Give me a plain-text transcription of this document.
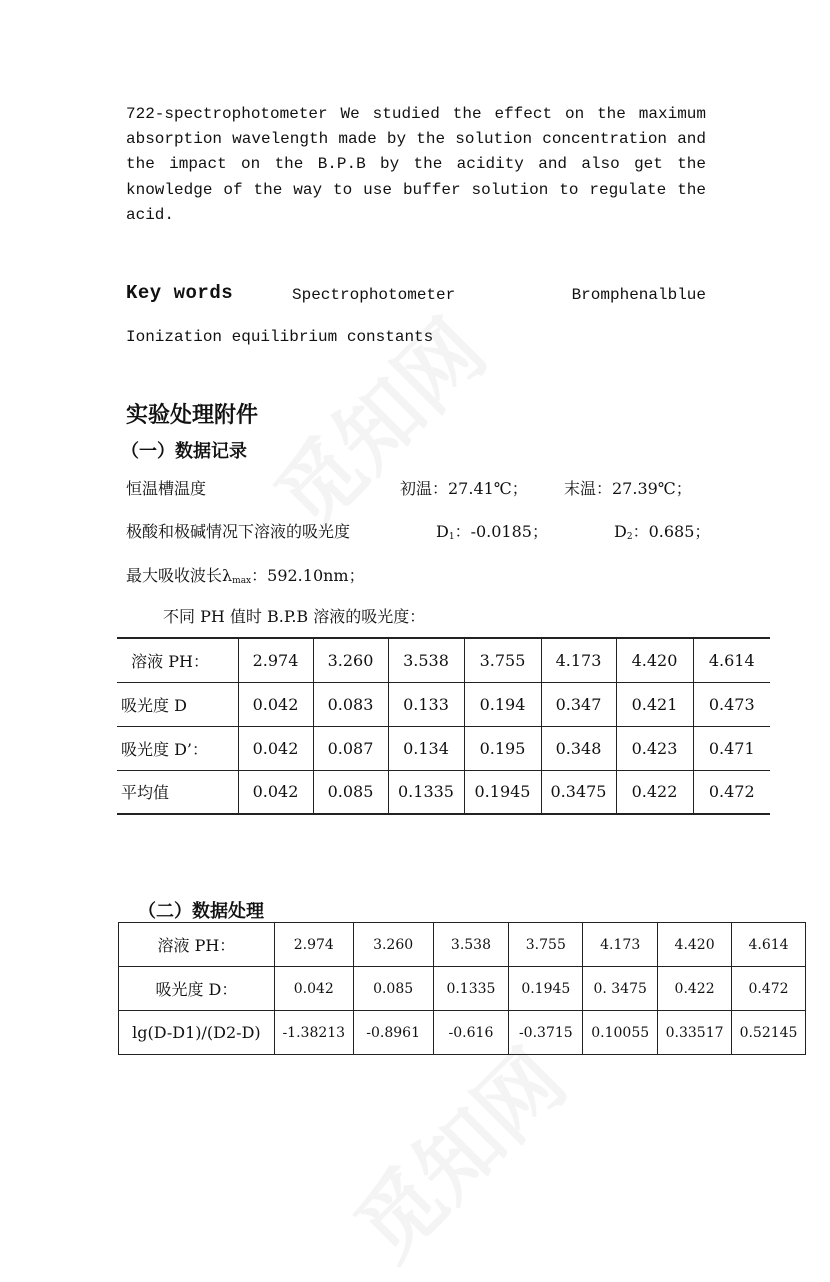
722-spectrophotometer We studied the effect on the maximum absorption wavelength made by the solution concentration and the impact on the B.P.B by the acidity and also get the knowledge of the way to use buffer solution to regulate the acid.

Key words	Spectrophotometer	Bromphenalblue
Ionization equilibrium constants
实验处理附件
（一）数据记录
恒温槽温度	初温：27.41℃； 末温：27.39℃；
极酸和极碱情况下溶液的吸光度	$D_1$：-0.0185；	$D_2$：0.685；
最大吸收波长$\lambda_{max}$：592.10nm；
不同 PH 值时 B.P.B 溶液的吸光度：
溶液 PH：	2.974	3.260	3.538	3.755	4.173	4.420	4.614
吸光度 D	0.042	0.083	0.133	0.194	0.347	0.421	0.473
吸光度 D’：	0.042	0.087	0.134	0.195	0.348	0.423	0.471
平均值	0.042	0.085	0.1335	0.1945	0.3475	0.422	0.472
（二）数据处理
溶液 PH：	2.974	3.260	3.538	3.755	4.173	4.420	4.614
吸光度 D：	0.042	0.085	0.1335	0.1945	0. 3475	0.422	0.472
lg(D-D1)/(D2-D)	-1.38213	-0.8961	-0.616	-0.3715	0.10055	0.33517	0.52145
